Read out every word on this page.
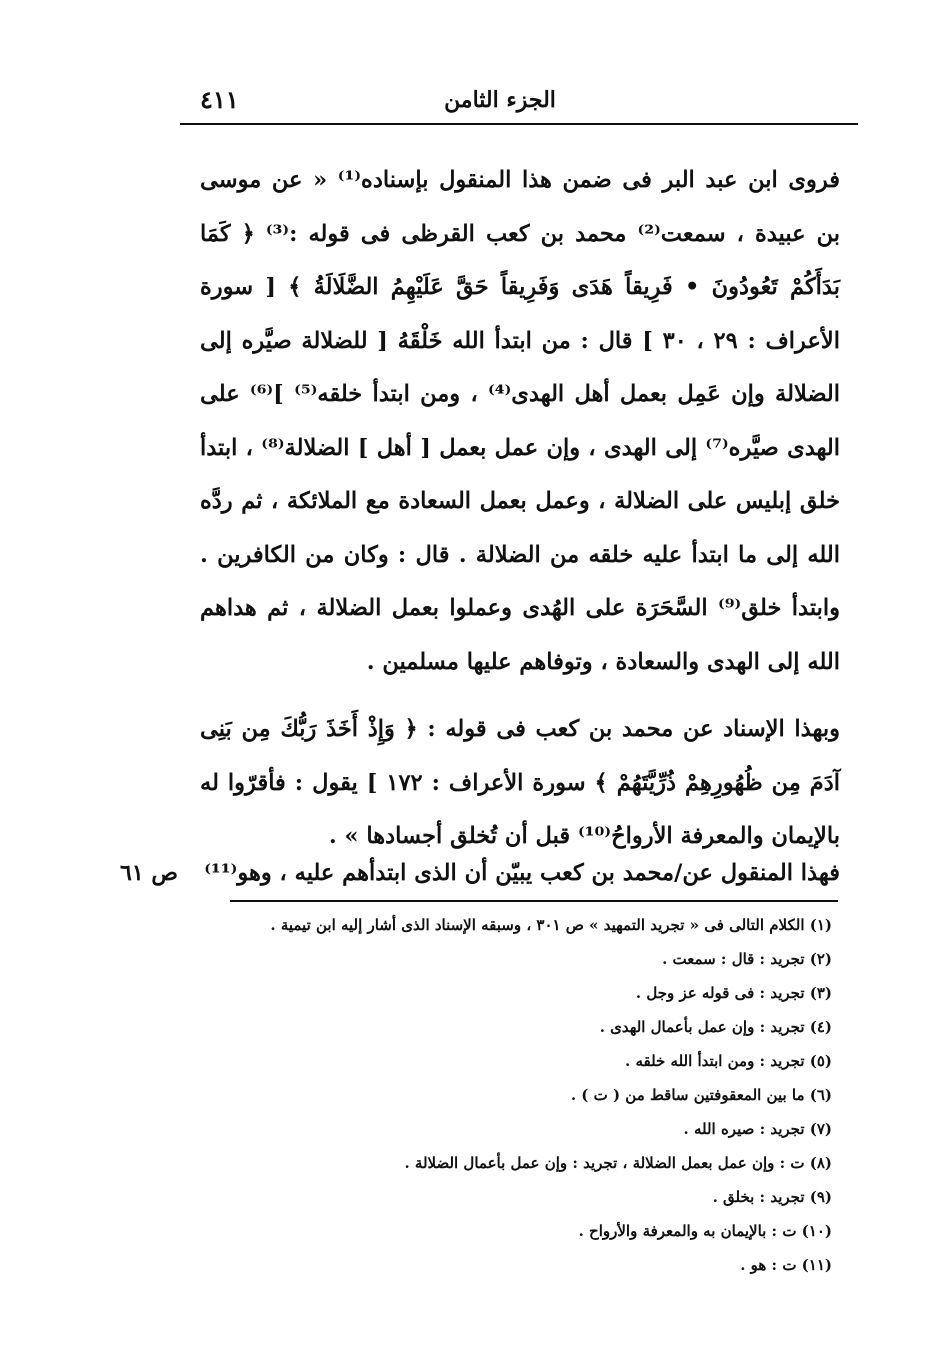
٤١١	الجزء الثامن

فروى ابن عبد البر فى ضمن هذا المنقول بإسناده⁽¹⁾ « عن موسى بن عبيدة ، سمعت⁽²⁾ محمد بن كعب القرظى فى قوله :⁽³⁾ ﴿ كَمَا بَدَأَكُمْ تَعُودُونَ • فَرِيقاً هَدَى وَفَرِيقاً حَقَّ عَلَيْهِمُ الضَّلَالَةُ ﴾ [ سورة الأعراف : ٢٩ ، ٣٠ ] قال : من ابتدأ الله خَلْقَهُ [ للضلالة صيَّره إلى الضلالة وإن عَمِل بعمل أهل الهدى⁽⁴⁾ ، ومن ابتدأ خلقه⁽⁵⁾ ]⁽⁶⁾ على الهدى صيَّره⁽⁷⁾ إلى الهدى ، وإن عمل بعمل [ أهل ] الضلالة⁽⁸⁾ ، ابتدأ خلق إبليس على الضلالة ، وعمل بعمل السعادة مع الملائكة ، ثم ردَّه الله إلى ما ابتدأ عليه خلقه من الضلالة . قال : وكان من الكافرين . وابتدأ خلق⁽⁹⁾ السَّحَرَة على الهُدى وعملوا بعمل الضلالة ، ثم هداهم الله إلى الهدى والسعادة ، وتوفاهم عليها مسلمين .

وبهذا الإسناد عن محمد بن كعب فى قوله : ﴿ وَإِذْ أَخَذَ رَبُّكَ مِن بَنِى آدَمَ مِن ظُهُورِهِمْ ذُرِّيَّتَهُمْ ﴾ سورة الأعراف : ١٧٢ ] يقول : فأقرّوا له بالإيمان والمعرفة الأرواحُ⁽¹⁰⁾ قبل أن تُخلق أجسادها » .

فهذا المنقول عن/محمد بن كعب يبيّن أن الذى ابتدأهم عليه ، وهو⁽¹¹⁾
ص ٦١
(١) الكلام التالى فى « تجريد التمهيد » ص ٣٠١ ، وسبقه الإسناد الذى أشار إليه ابن تيمية .
(٢) تجريد : قال : سمعت .
(٣) تجريد : فى قوله عز وجل .
(٤) تجريد : وإن عمل بأعمال الهدى .
(٥) تجريد : ومن ابتدأ الله خلقه .
(٦) ما بين المعقوفتين ساقط من ( ت ) .
(٧) تجريد : صيره الله .
(٨) ت : وإن عمل بعمل الضلالة ، تجريد : وإن عمل بأعمال الضلالة .
(٩) تجريد : بخلق .
(١٠) ت : بالإيمان به والمعرفة والأرواح .
(١١) ت : هو .
